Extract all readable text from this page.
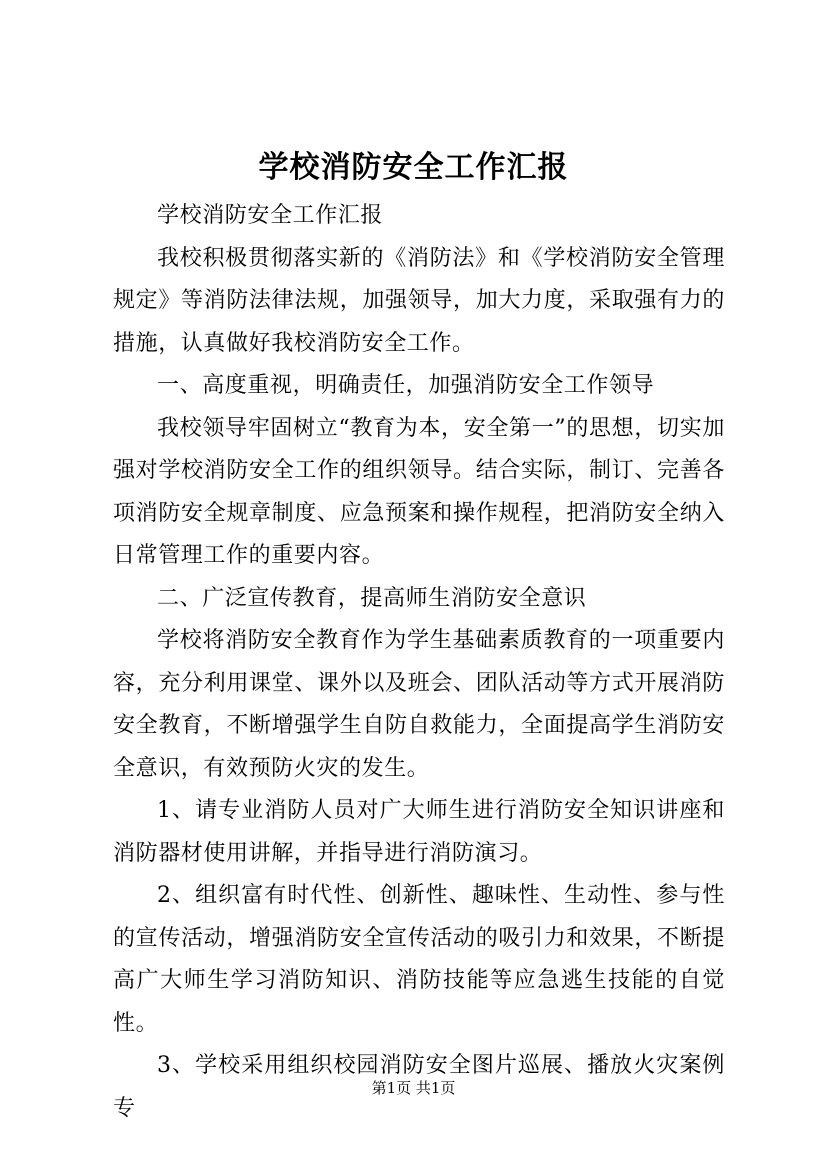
学校消防安全工作汇报

学校消防安全工作汇报

我校积极贯彻落实新的《消防法》和《学校消防安全管理规定》等消防法律法规，加强领导，加大力度，采取强有力的措施，认真做好我校消防安全工作。

一、高度重视，明确责任，加强消防安全工作领导

我校领导牢固树立“教育为本，安全第一”的思想，切实加强对学校消防安全工作的组织领导。结合实际，制订、完善各项消防安全规章制度、应急预案和操作规程，把消防安全纳入日常管理工作的重要内容。

二、广泛宣传教育，提高师生消防安全意识

学校将消防安全教育作为学生基础素质教育的一项重要内容，充分利用课堂、课外以及班会、团队活动等方式开展消防安全教育，不断增强学生自防自救能力，全面提高学生消防安全意识，有效预防火灾的发生。

1、请专业消防人员对广大师生进行消防安全知识讲座和消防器材使用讲解，并指导进行消防演习。

2、组织富有时代性、创新性、趣味性、生动性、参与性的宣传活动，增强消防安全宣传活动的吸引力和效果，不断提高广大师生学习消防知识、消防技能等应急逃生技能的自觉性。

3、学校采用组织校园消防安全图片巡展、播放火灾案例专

第1页 共1页
